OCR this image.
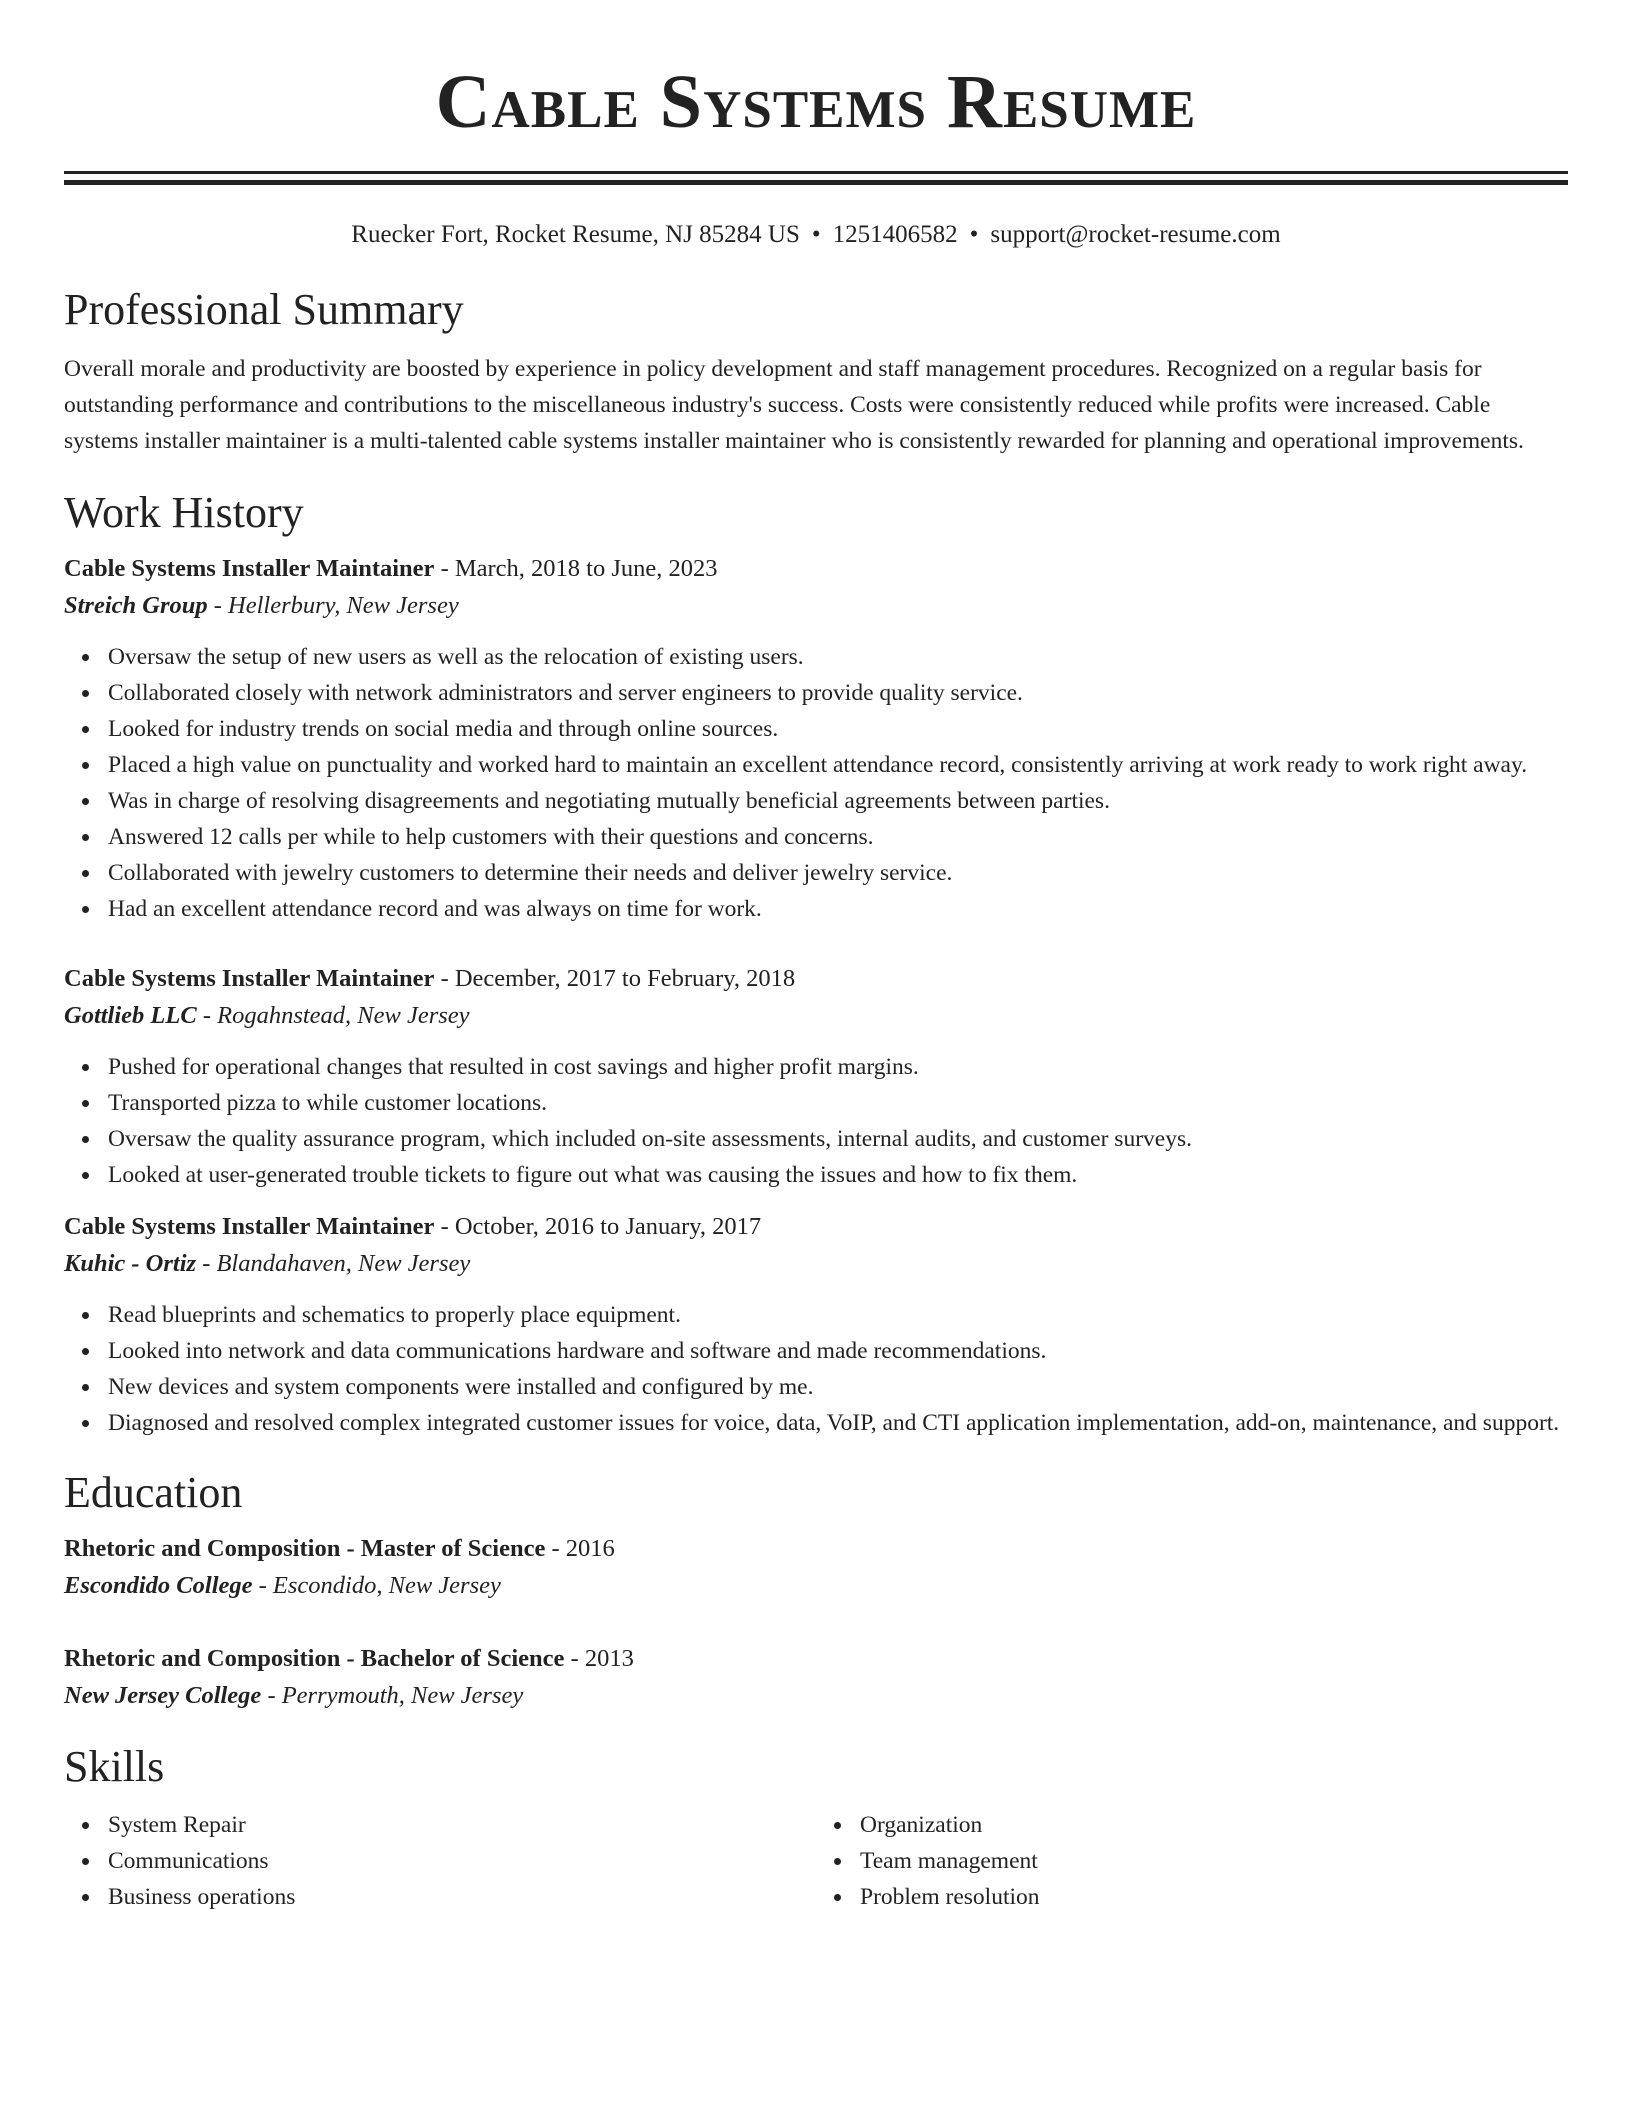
Cable Systems Resume
Ruecker Fort, Rocket Resume, NJ 85284 US • 1251406582 • support@rocket-resume.com
Professional Summary

Overall morale and productivity are boosted by experience in policy development and staff management procedures. Recognized on a regular basis for outstanding performance and contributions to the miscellaneous industry's success. Costs were consistently reduced while profits were increased. Cable systems installer maintainer is a multi-talented cable systems installer maintainer who is consistently rewarded for planning and operational improvements.

Work History

Cable Systems Installer Maintainer - March, 2018 to June, 2023

Streich Group - Hellerbury, New Jersey

Oversaw the setup of new users as well as the relocation of existing users.
Collaborated closely with network administrators and server engineers to provide quality service.
Looked for industry trends on social media and through online sources.
Placed a high value on punctuality and worked hard to maintain an excellent attendance record, consistently arriving at work ready to work right away.
Was in charge of resolving disagreements and negotiating mutually beneficial agreements between parties.
Answered 12 calls per while to help customers with their questions and concerns.
Collaborated with jewelry customers to determine their needs and deliver jewelry service.
Had an excellent attendance record and was always on time for work.

Cable Systems Installer Maintainer - December, 2017 to February, 2018

Gottlieb LLC - Rogahnstead, New Jersey

Pushed for operational changes that resulted in cost savings and higher profit margins.
Transported pizza to while customer locations.
Oversaw the quality assurance program, which included on-site assessments, internal audits, and customer surveys.
Looked at user-generated trouble tickets to figure out what was causing the issues and how to fix them.

Cable Systems Installer Maintainer - October, 2016 to January, 2017

Kuhic - Ortiz - Blandahaven, New Jersey

Read blueprints and schematics to properly place equipment.
Looked into network and data communications hardware and software and made recommendations.
New devices and system components were installed and configured by me.
Diagnosed and resolved complex integrated customer issues for voice, data, VoIP, and CTI application implementation, add-on, maintenance, and support.
Education

Rhetoric and Composition - Master of Science - 2016

Escondido College - Escondido, New Jersey

Rhetoric and Composition - Bachelor of Science - 2013

New Jersey College - Perrymouth, New Jersey

Skills
System Repair
Communications
Business operations
Organization
Team management
Problem resolution
